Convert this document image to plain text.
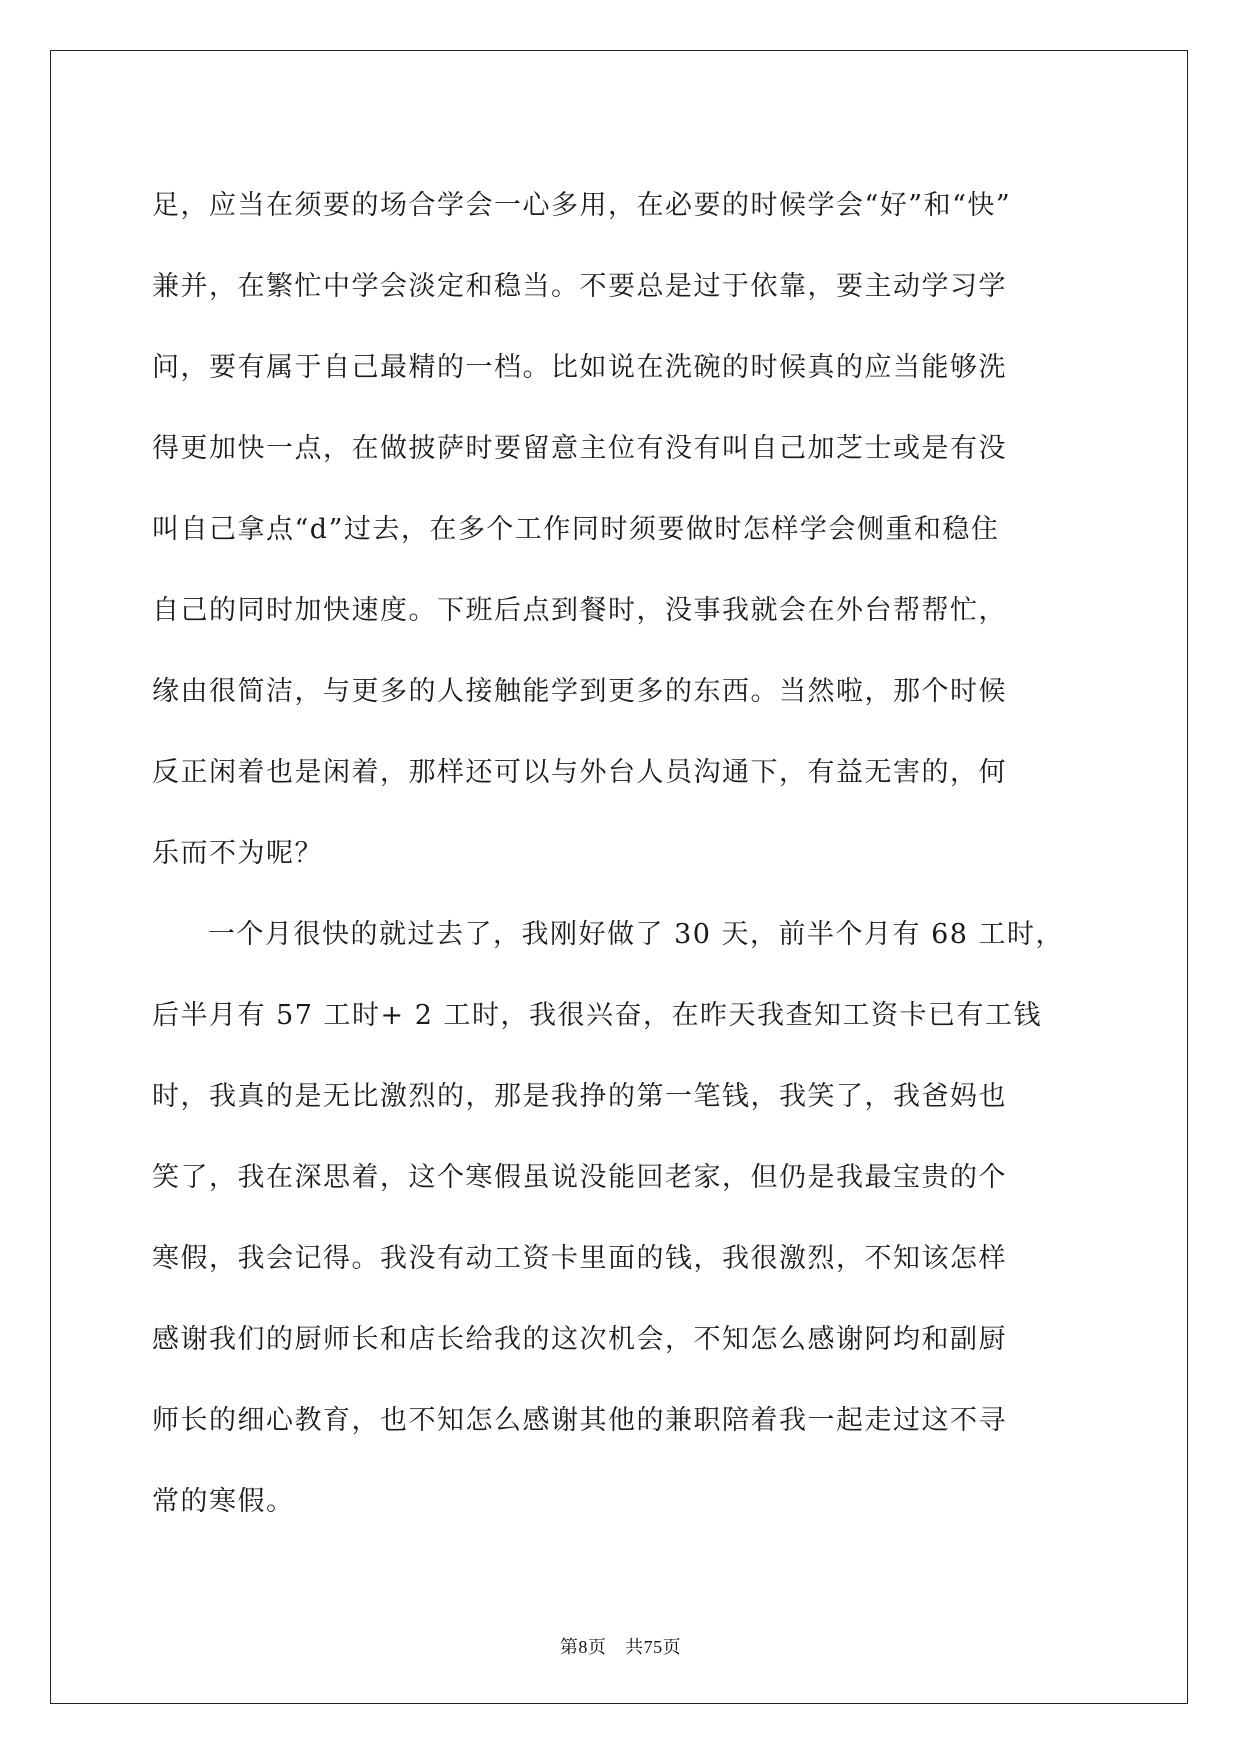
足，应当在须要的场合学会一心多用，在必要的时候学会“好”和“快”
兼并，在繁忙中学会淡定和稳当。不要总是过于依靠，要主动学习学
问，要有属于自己最精的一档。比如说在洗碗的时候真的应当能够洗
得更加快一点，在做披萨时要留意主位有没有叫自己加芝士或是有没
叫自己拿点“d”过去，在多个工作同时须要做时怎样学会侧重和稳住
自己的同时加快速度。下班后点到餐时，没事我就会在外台帮帮忙，
缘由很简洁，与更多的人接触能学到更多的东西。当然啦，那个时候
反正闲着也是闲着，那样还可以与外台人员沟通下，有益无害的，何
乐而不为呢？

一个月很快的就过去了，我刚好做了 30 天，前半个月有 68 工时，
后半月有 57 工时+ 2 工时，我很兴奋，在昨天我查知工资卡已有工钱
时，我真的是无比激烈的，那是我挣的第一笔钱，我笑了，我爸妈也
笑了，我在深思着，这个寒假虽说没能回老家，但仍是我最宝贵的个
寒假，我会记得。我没有动工资卡里面的钱，我很激烈，不知该怎样
感谢我们的厨师长和店长给我的这次机会，不知怎么感谢阿均和副厨
师长的细心教育，也不知怎么感谢其他的兼职陪着我一起走过这不寻
常的寒假。

第8页 共75页
